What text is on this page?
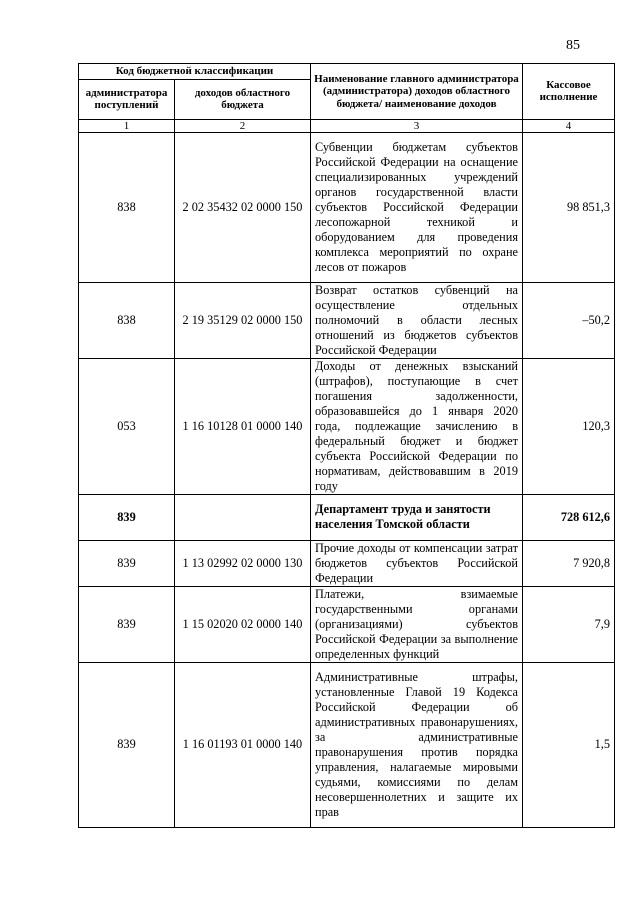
85
Код бюджетной классификации		Наименование главного администратора (администратора) доходов областного бюджета/ наименование доходов	Кассовое исполнение
администратора поступлений	доходов областного бюджета		
1	2	3	4
838	2 02 35432 02 0000 150	Субвенции бюджетам субъектов Российской Федерации на оснащение специализированных учреждений органов государственной власти субъектов Российской Федерации лесопожарной техникой и оборудованием для проведения комплекса мероприятий по охране лесов от пожаров	98 851,3
838	2 19 35129 02 0000 150	Возврат остатков субвенций на осуществление отдельных полномочий в области лесных отношений из бюджетов субъектов Российской Федерации	–50,2
053	1 16 10128 01 0000 140	Доходы от денежных взысканий (штрафов), поступающие в счет погашения задолженности, образовавшейся до 1 января 2020 года, подлежащие зачислению в федеральный бюджет и бюджет субъекта Российской Федерации по нормативам, действовавшим в 2019 году	120,3
839		Департамент труда и занятости населения Томской области	728 612,6
839	1 13 02992 02 0000 130	Прочие доходы от компенсации затрат бюджетов субъектов Российской Федерации	7 920,8
839	1 15 02020 02 0000 140	Платежи, взимаемые государственными органами (организациями) субъектов Российской Федерации за выполнение определенных функций	7,9
839	1 16 01193 01 0000 140	Административные штрафы, установленные Главой 19 Кодекса Российской Федерации об административных правонарушениях, за административные правонарушения против порядка управления, налагаемые мировыми судьями, комиссиями по делам несовершеннолетних и защите их прав	1,5
